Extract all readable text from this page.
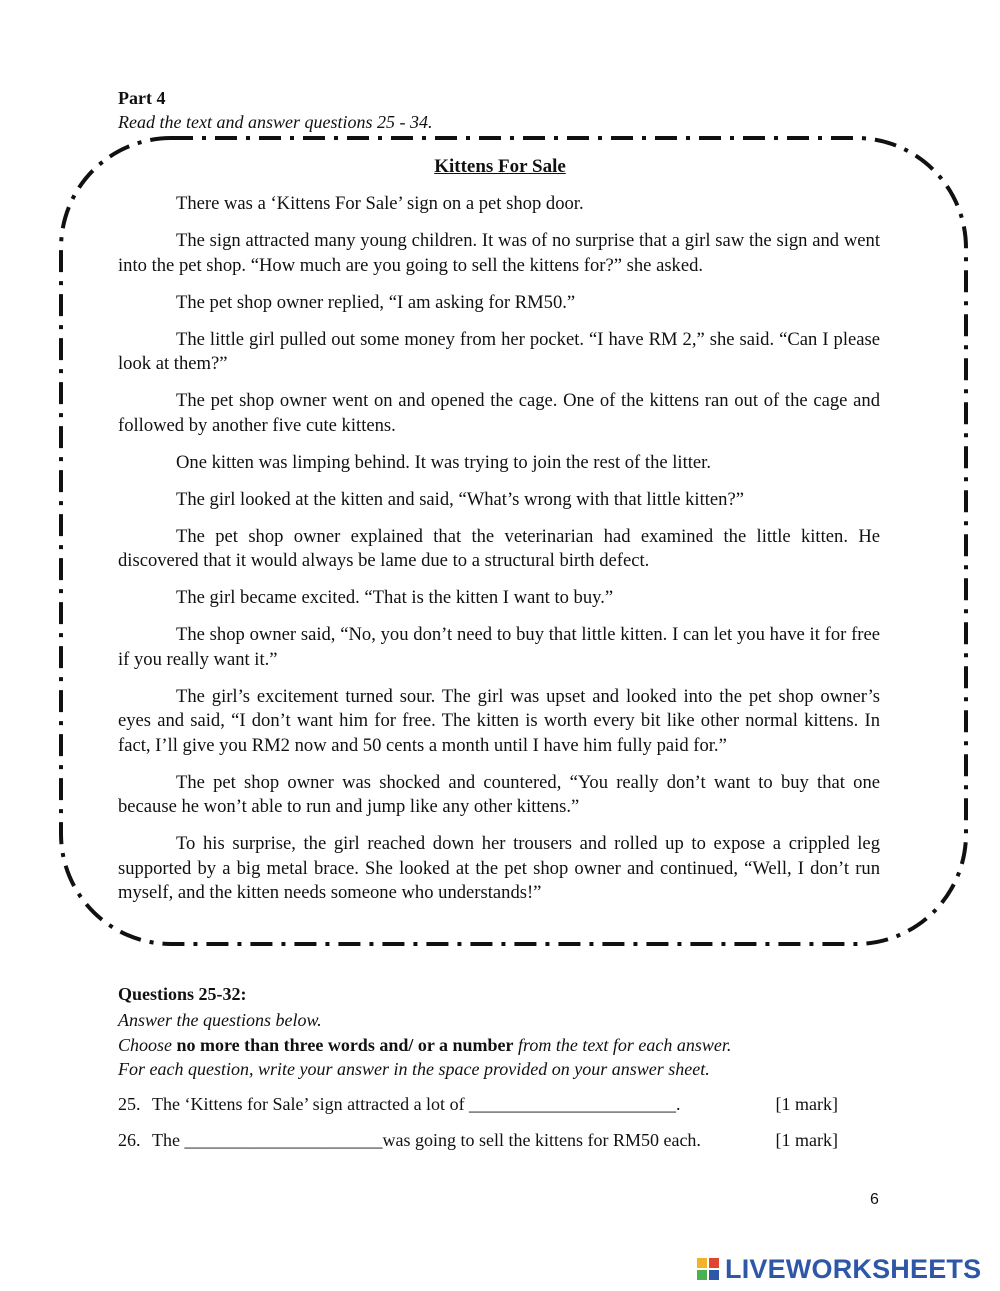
Part 4
Read the text and answer questions 25 - 34.
Kittens For Sale

There was a ‘Kittens For Sale’ sign on a pet shop door.

The sign attracted many young children. It was of no surprise that a girl saw the sign and went into the pet shop. “How much are you going to sell the kittens for?” she asked.

The pet shop owner replied, “I am asking for RM50.”

The little girl pulled out some money from her pocket. “I have RM 2,” she said. “Can I please look at them?”

The pet shop owner went on and opened the cage. One of the kittens ran out of the cage and followed by another five cute kittens.

One kitten was limping behind. It was trying to join the rest of the litter.

The girl looked at the kitten and said, “What’s wrong with that little kitten?”

The pet shop owner explained that the veterinarian had examined the little kitten. He discovered that it would always be lame due to a structural birth defect.

The girl became excited. “That is the kitten I want to buy.”

The shop owner said, “No, you don’t need to buy that little kitten. I can let you have it for free if you really want it.”

The girl’s excitement turned sour. The girl was upset and looked into the pet shop owner’s eyes and said, “I don’t want him for free. The kitten is worth every bit like other normal kittens. In fact, I’ll give you RM2 now and 50 cents a month until I have him fully paid for.”

The pet shop owner was shocked and countered, “You really don’t want to buy that one because he won’t able to run and jump like any other kittens.”

To his surprise, the girl reached down her trousers and rolled up to expose a crippled leg supported by a big metal brace. She looked at the pet shop owner and continued, “Well, I don’t run myself, and the kitten needs someone who understands!”

Questions 25-32:
Answer the questions below.
Choose no more than three words and/ or a number from the text for each answer.
For each question, write your answer in the space provided on your answer sheet.
25. The ‘Kittens for Sale’ sign attracted a lot of _______________________.	[1 mark]
26. The ______________________was going to sell the kittens for RM50 each.	[1 mark]
6
LIVEWORKSHEETS
